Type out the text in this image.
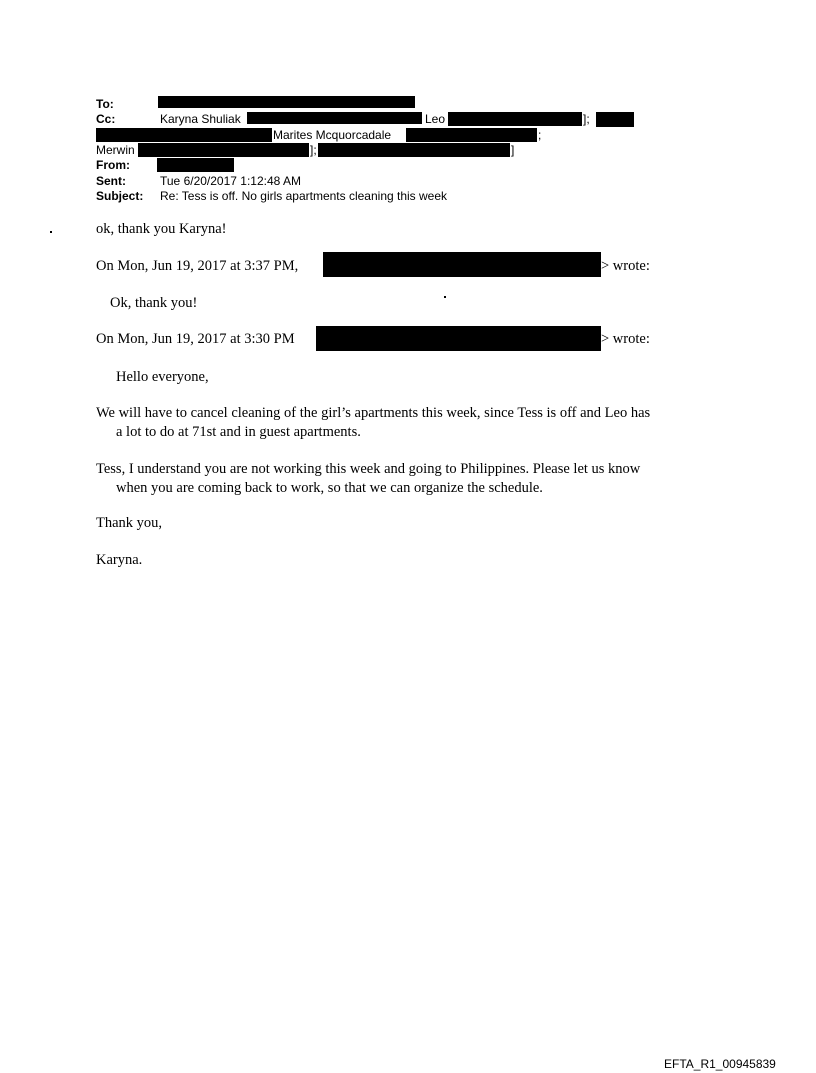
To:
Cc:	Karyna Shuliak	Leo	];
Marites Mcquorcadale	;
Merwin	];	]
From:
Sent:	Tue 6/20/2017 1:12:48 AM
Subject: Re: Tess is off. No girls apartments cleaning this week
ok, thank you Karyna!
On Mon, Jun 19, 2017 at 3:37 PM,	> wrote:
Ok, thank you!
On Mon, Jun 19, 2017 at 3:30 PM	> wrote:
Hello everyone,
We will have to cancel cleaning of the girl’s apartments this week, since Tess is off and Leo has
a lot to do at 71st and in guest apartments.
Tess, I understand you are not working this week and going to Philippines. Please let us know
when you are coming back to work, so that we can organize the schedule.
Thank you,
Karyna.
EFTA_R1_00945839
